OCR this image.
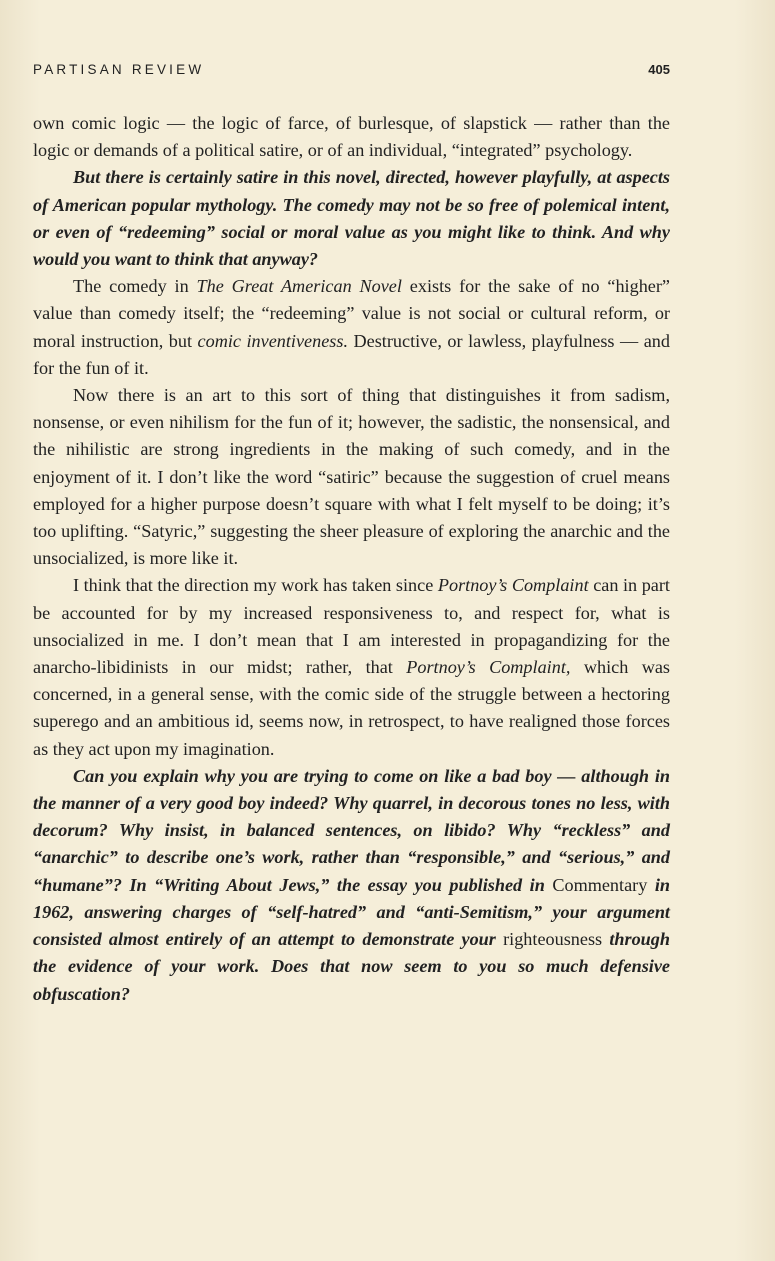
PARTISAN REVIEW	405

own comic logic — the logic of farce, of burlesque, of slapstick — rather than the logic or demands of a political satire, or of an individual, “integrated” psychology.

But there is certainly satire in this novel, directed, however playfully, at aspects of American popular mythology. The comedy may not be so free of polemical intent, or even of “redeeming” social or moral value as you might like to think. And why would you want to think that anyway?

The comedy in The Great American Novel exists for the sake of no “higher” value than comedy itself; the “redeeming” value is not social or cultural reform, or moral instruction, but comic inventiveness. Destructive, or lawless, playfulness — and for the fun of it.

Now there is an art to this sort of thing that distinguishes it from sadism, nonsense, or even nihilism for the fun of it; however, the sadistic, the nonsensical, and the nihilistic are strong ingredients in the making of such comedy, and in the enjoyment of it. I don’t like the word “satiric” because the suggestion of cruel means employed for a higher purpose doesn’t square with what I felt myself to be doing; it’s too uplifting. “Satyric,” suggesting the sheer pleasure of exploring the anarchic and the unsocialized, is more like it.

I think that the direction my work has taken since Portnoy’s Complaint can in part be accounted for by my increased responsiveness to, and respect for, what is unsocialized in me. I don’t mean that I am interested in propagandizing for the anarcho-libidinists in our midst; rather, that Portnoy’s Complaint, which was concerned, in a general sense, with the comic side of the struggle between a hectoring superego and an ambitious id, seems now, in retrospect, to have realigned those forces as they act upon my imagination.

Can you explain why you are trying to come on like a bad boy — although in the manner of a very good boy indeed? Why quarrel, in decorous tones no less, with decorum? Why insist, in balanced sentences, on libido? Why “reckless” and “anarchic” to describe one’s work, rather than “responsible,” and “serious,” and “humane”? In “Writing About Jews,” the essay you published in Commentary in 1962, answering charges of “self-hatred” and “anti-Semitism,” your argument consisted almost entirely of an attempt to demonstrate your righteousness through the evidence of your work. Does that now seem to you so much defensive obfuscation?
